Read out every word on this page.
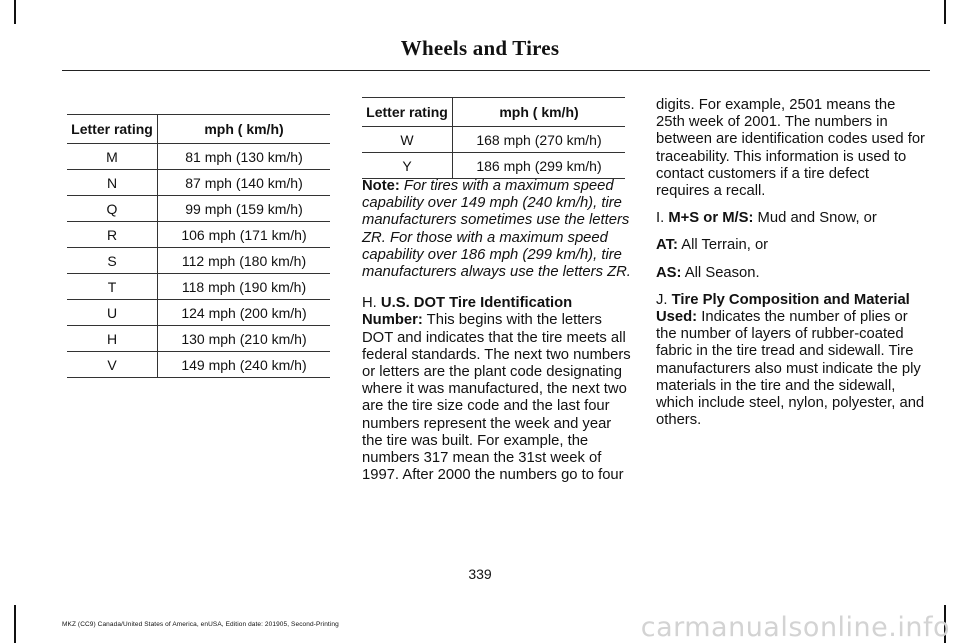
Wheels and Tires
Letter rating	mph ( km/h)
M	81 mph (130 km/h)
N	87 mph (140 km/h)
Q	99 mph (159 km/h)
R	106 mph (171 km/h)
S	112 mph (180 km/h)
T	118 mph (190 km/h)
U	124 mph (200 km/h)
H	130 mph (210 km/h)
V	149 mph (240 km/h)
Letter rating	mph ( km/h)
W	168 mph (270 km/h)
Y	186 mph (299 km/h)

Note: For tires with a maximum speed capability over 149 mph (240 km/h), tire manufacturers sometimes use the letters ZR. For those with a maximum speed capability over 186 mph (299 km/h), tire manufacturers always use the letters ZR.

H. U.S. DOT Tire Identification Number: This begins with the letters DOT and indicates that the tire meets all federal standards. The next two numbers or letters are the plant code designating where it was manufactured, the next two are the tire size code and the last four numbers represent the week and year the tire was built. For example, the numbers 317 mean the 31st week of 1997. After 2000 the numbers go to four

digits. For example, 2501 means the 25th week of 2001. The numbers in between are identification codes used for traceability. This information is used to contact customers if a tire defect requires a recall.

I. M+S or M/S: Mud and Snow, or

AT: All Terrain, or

AS: All Season.

J. Tire Ply Composition and Material Used: Indicates the number of plies or the number of layers of rubber-coated fabric in the tire tread and sidewall. Tire manufacturers also must indicate the ply materials in the tire and the sidewall, which include steel, nylon, polyester, and others.

339
MKZ (CC9) Canada/United States of America, enUSA, Edition date: 201905, Second-Printing	carmanualsonline.info
